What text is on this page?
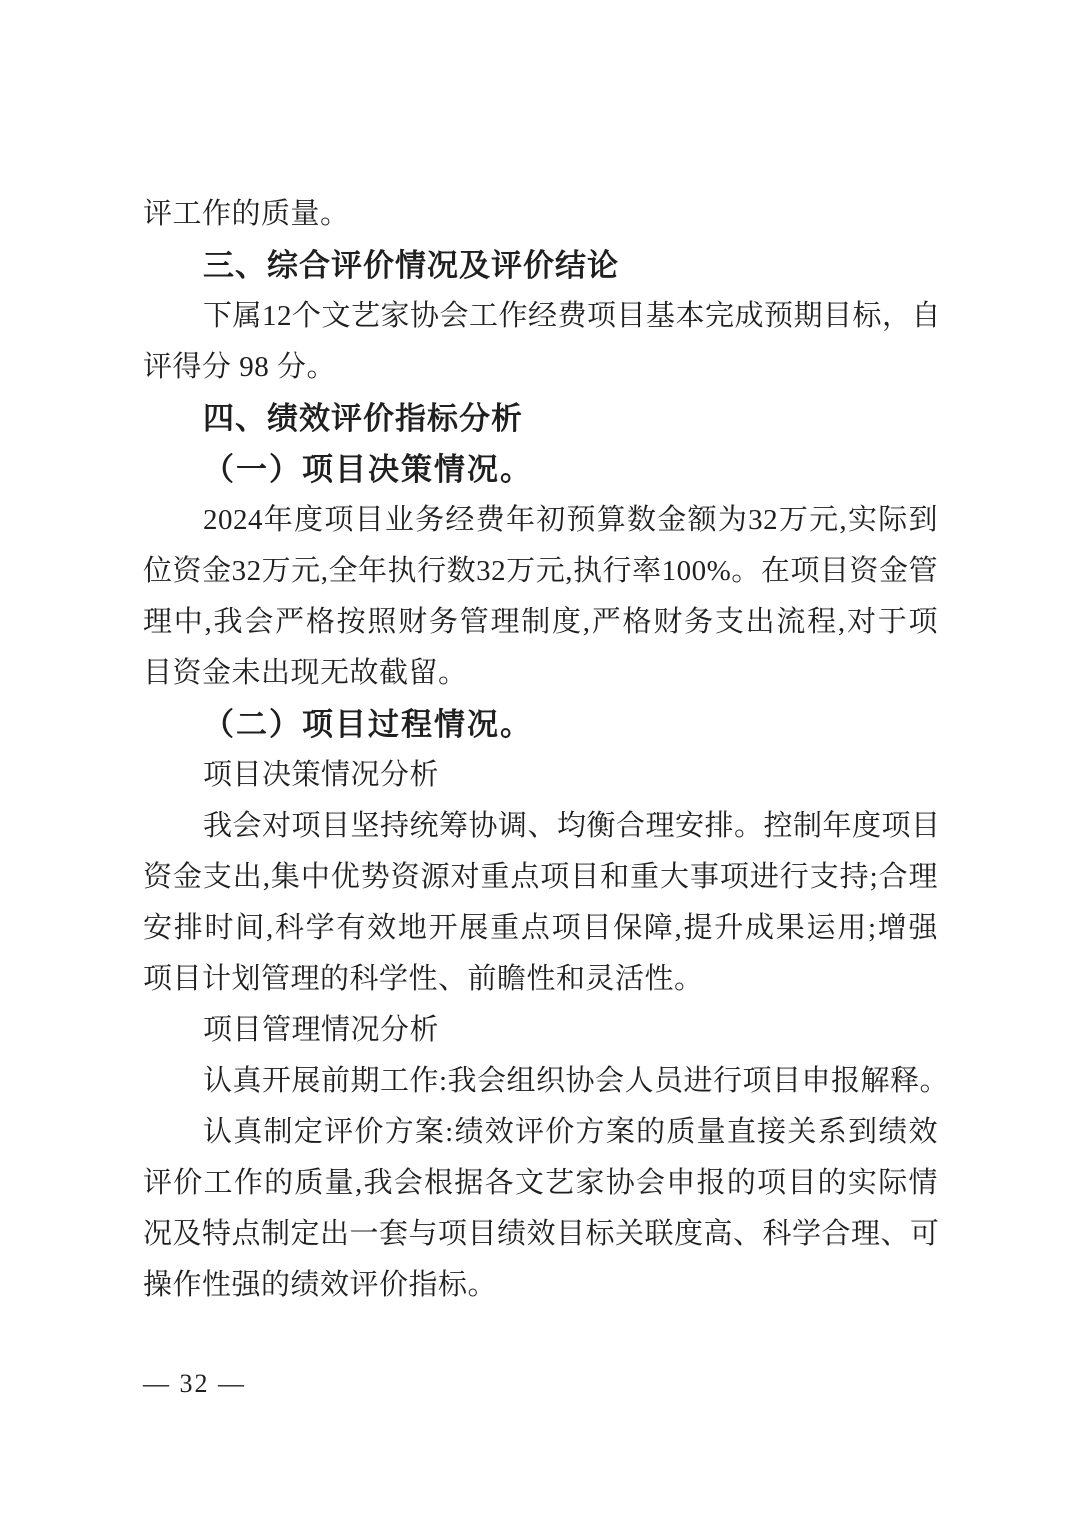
评工作的质量。
三、综合评价情况及评价结论
下属12个文艺家协会工作经费项目基本完成预期目标，自
评得分 98 分。
四、绩效评价指标分析
（一）项目决策情况。
2024年度项目业务经费年初预算数金额为32万元,实际到
位资金32万元,全年执行数32万元,执行率100%。在项目资金管
理中,我会严格按照财务管理制度,严格财务支出流程,对于项
目资金未出现无故截留。
（二）项目过程情况。
项目决策情况分析
我会对项目坚持统筹协调、均衡合理安排。控制年度项目
资金支出,集中优势资源对重点项目和重大事项进行支持;合理
安排时间,科学有效地开展重点项目保障,提升成果运用;增强
项目计划管理的科学性、前瞻性和灵活性。
项目管理情况分析
认真开展前期工作:我会组织协会人员进行项目申报解释。
认真制定评价方案:绩效评价方案的质量直接关系到绩效
评价工作的质量,我会根据各文艺家协会申报的项目的实际情
况及特点制定出一套与项目绩效目标关联度高、科学合理、可
操作性强的绩效评价指标。
— 32 —
